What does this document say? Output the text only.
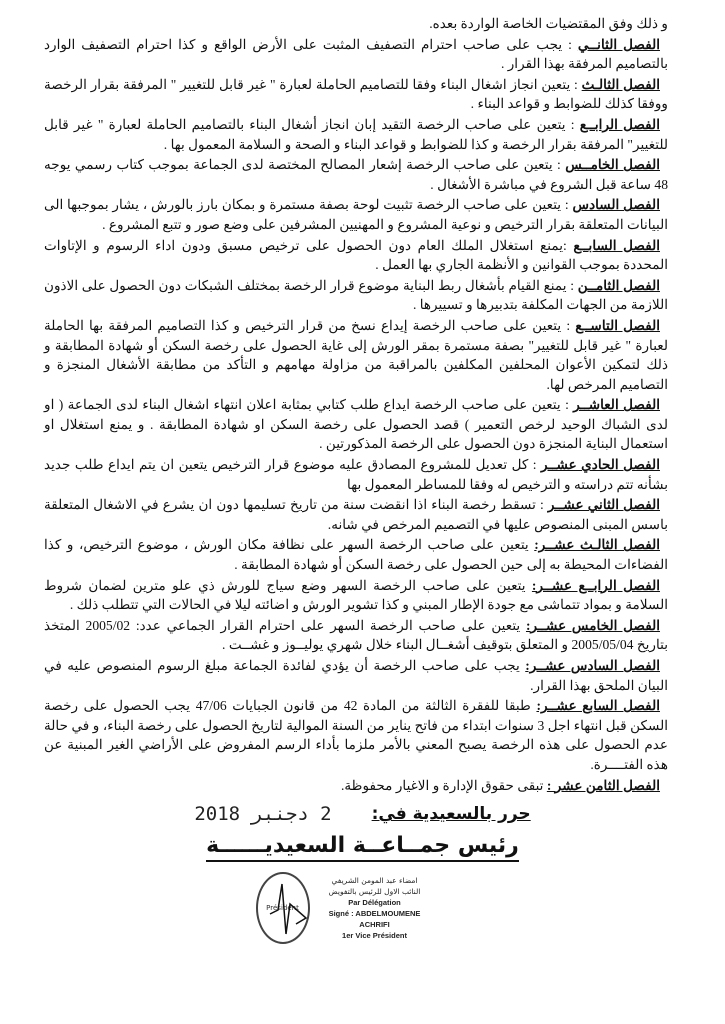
و ذلك وفق المقتضيات الخاصة الواردة بعده.

الفصل الثانــي : يجب على صاحب احترام التصفيف المثبت على الأرض الواقع و كذا احترام التصفيف الوارد بالتصاميم المرفقة بهذا القرار .

الفصل الثالـث : يتعين انجاز اشغال البناء وفقا للتصاميم الحاملة لعبارة " غير قابل للتغيير " المرفقة بقرار الرخصة ووفقا كذلك للضوابط و قواعد البناء .

الفصل الرابــع : يتعين على صاحب الرخصة التقيد إبان انجاز أشغال البناء بالتصاميم الحاملة لعبارة " غير قابل للتغيير" المرفقة بقرار الرخصة و كذا للضوابط و قواعد البناء و الصحة و السلامة المعمول بها .

الفصل الخامــس : يتعين على صاحب الرخصة إشعار المصالح المختصة لدى الجماعة بموجب كتاب رسمي يوجه 48 ساعة قبل الشروع في مباشرة الأشغال .

الفصل السادس : يتعين على صاحب الرخصة تثبيت لوحة بصفة مستمرة و بمكان بارز بالورش ، يشار بموجبها الى البيانات المتعلقة بقرار الترخيص و نوعية المشروع و المهنيين المشرفين على وضع صور و تتبع المشروع .

الفصل السابــع :يمنع استغلال الملك العام دون الحصول على ترخيص مسبق ودون اداء الرسوم و الإتاوات المحددة بموجب القوانين و الأنظمة الجاري بها العمل .

الفصل الثامــن : يمنع القيام بأشغال ربط البناية موضوع قرار الرخصة بمختلف الشبكات دون الحصول على الاذون اللازمة من الجهات المكلفة بتدبيرها و تسييرها .

الفصل التاســع : يتعين على صاحب الرخصة إيداع نسخ من قرار الترخيص و كذا التصاميم المرفقة بها الحاملة لعبارة " غير قابل للتغيير" بصفة مستمرة بمقر الورش إلى غاية الحصول على رخصة السكن أو شهادة المطابقة و ذلك لتمكين الأعوان المحلفين المكلفين بالمراقبة من مزاولة مهامهم و التأكد من مطابقة الأشغال المنجزة و التصاميم المرخص لها.

الفصل العاشــر : يتعين على صاحب الرخصة ايداع طلب كتابي بمثابة اعلان انتهاء اشغال البناء لدى الجماعة ( او لدى الشباك الوحيد لرخص التعمير ) قصد الحصول على رخصة السكن او شهادة المطابقة . و يمنع استغلال او استعمال البناية المنجزة دون الحصول على الرخصة المذكورتين .

الفصل الحادي عشــر : كل تعديل للمشروع المصادق عليه موضوع قرار الترخيص يتعين ان يتم ايداع طلب جديد بشأنه تتم دراسته و الترخيص له وفقا للمساطر المعمول بها

الفصل الثاني عشــر : تسقط رخصة البناء اذا انقضت سنة من تاريخ تسليمها دون ان يشرع في الاشغال المتعلقة باسس المبنى المنصوص عليها في التصميم المرخص في شانه.

الفصل الثالـث عشــر: يتعين على صاحب الرخصة السهر على نظافة مكان الورش ، موضوع الترخيص، و كذا الفضاءات المحيطة به إلى حين الحصول على رخصة السكن أو شهادة المطابقة .

الفصل الرابــع عشــر: يتعين على صاحب الرخصة السهر وضع سياج للورش ذي علو مترين لضمان شروط السلامة و بمواد تتماشى مع جودة الإطار المبني و كذا تشوير الورش و اضائته ليلا في الحالات التي تتطلب ذلك .

الفصل الخامس عشــر: يتعين على صاحب الرخصة السهر على احترام القرار الجماعي عدد: 2005/02 المتخذ بتاريخ 2005/05/04 و المتعلق بتوقيف أشغــال البناء خلال شهري يوليــوز و غشــت .

الفصل السادس عشــر: يجب على صاحب الرخصة أن يؤدي لفائدة الجماعة مبلغ الرسوم المنصوص عليه في البيان الملحق بهذا القرار.

الفصل السابع عشــر: طبقا للفقرة الثالثة من المادة 42 من قانون الجبايات 47/06 يجب الحصول على رخصة السكن قبل انتهاء اجل 3 سنوات ابتداء من فاتح يناير من السنة الموالية لتاريخ الحصول على رخصة البناء، و في حالة عدم الحصول على هذه الرخصة يصبح المعني بالأمر ملزما بأداء الرسم المفروض على الأراضي الغير المبنية عن هذه الفتــــرة.

الفصل الثامن عشر : تبقى حقوق الإدارة و الاغيار محفوظة.

2 دجنبر 2018 حرر بالسعيدية في:
رئيس جمــاعــة السعيديــــــة
Président
امضاء عبد المومن الشريفي
النائب الاول للرئيس بالتفويض
Par Délégation
Signé : ABDELMOUMENE ACHRIFI
1er Vice Président
